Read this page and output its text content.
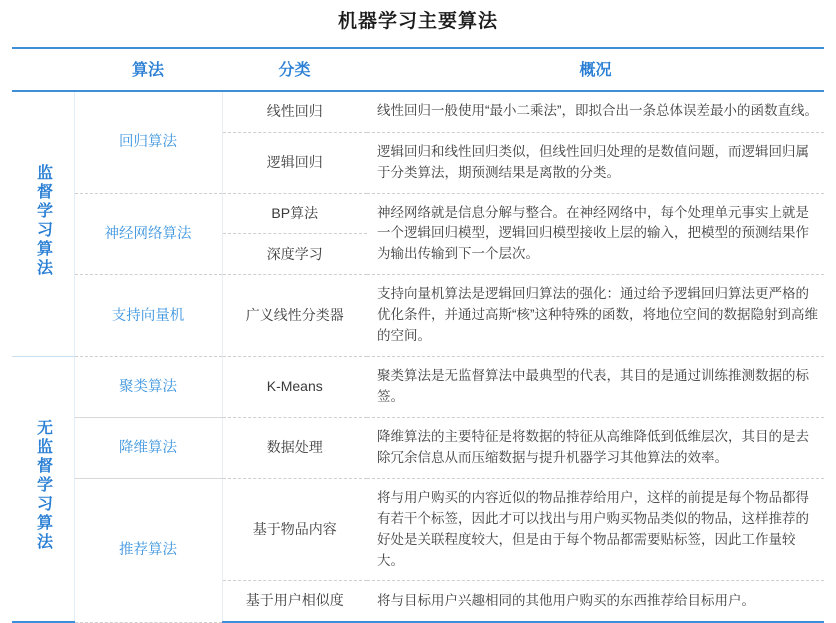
机器学习主要算法
	算法	分类	概况
监督学习算法	回归算法	线性回归	线性回归一般使用“最小二乘法”，即拟合出一条总体误差最小的函数直线。
		逻辑回归	逻辑回归和线性回归类似，但线性回归处理的是数值问题，而逻辑回归属于分类算法，期预测结果是离散的分类。
	神经网络算法	BP算法	神经网络就是信息分解与整合。在神经网络中，每个处理单元事实上就是一个逻辑回归模型，逻辑回归模型接收上层的输入，把模型的预测结果作为输出传输到下一个层次。
		深度学习	
	支持向量机	广义线性分类器	支持向量机算法是逻辑回归算法的强化：通过给予逻辑回归算法更严格的优化条件，并通过高斯“核”这种特殊的函数，将地位空间的数据隐射到高维的空间。
无监督学习算法	聚类算法	K-Means	聚类算法是无监督算法中最典型的代表，其目的是通过训练推测数据的标签。
	降维算法	数据处理	降维算法的主要特征是将数据的特征从高维降低到低维层次，其目的是去除冗余信息从而压缩数据与提升机器学习其他算法的效率。
	推荐算法	基于物品内容	将与用户购买的内容近似的物品推荐给用户，这样的前提是每个物品都得有若干个标签，因此才可以找出与用户购买物品类似的物品，这样推荐的好处是关联程度较大，但是由于每个物品都需要贴标签，因此工作量较大。
		基于用户相似度	将与目标用户兴趣相同的其他用户购买的东西推荐给目标用户。
